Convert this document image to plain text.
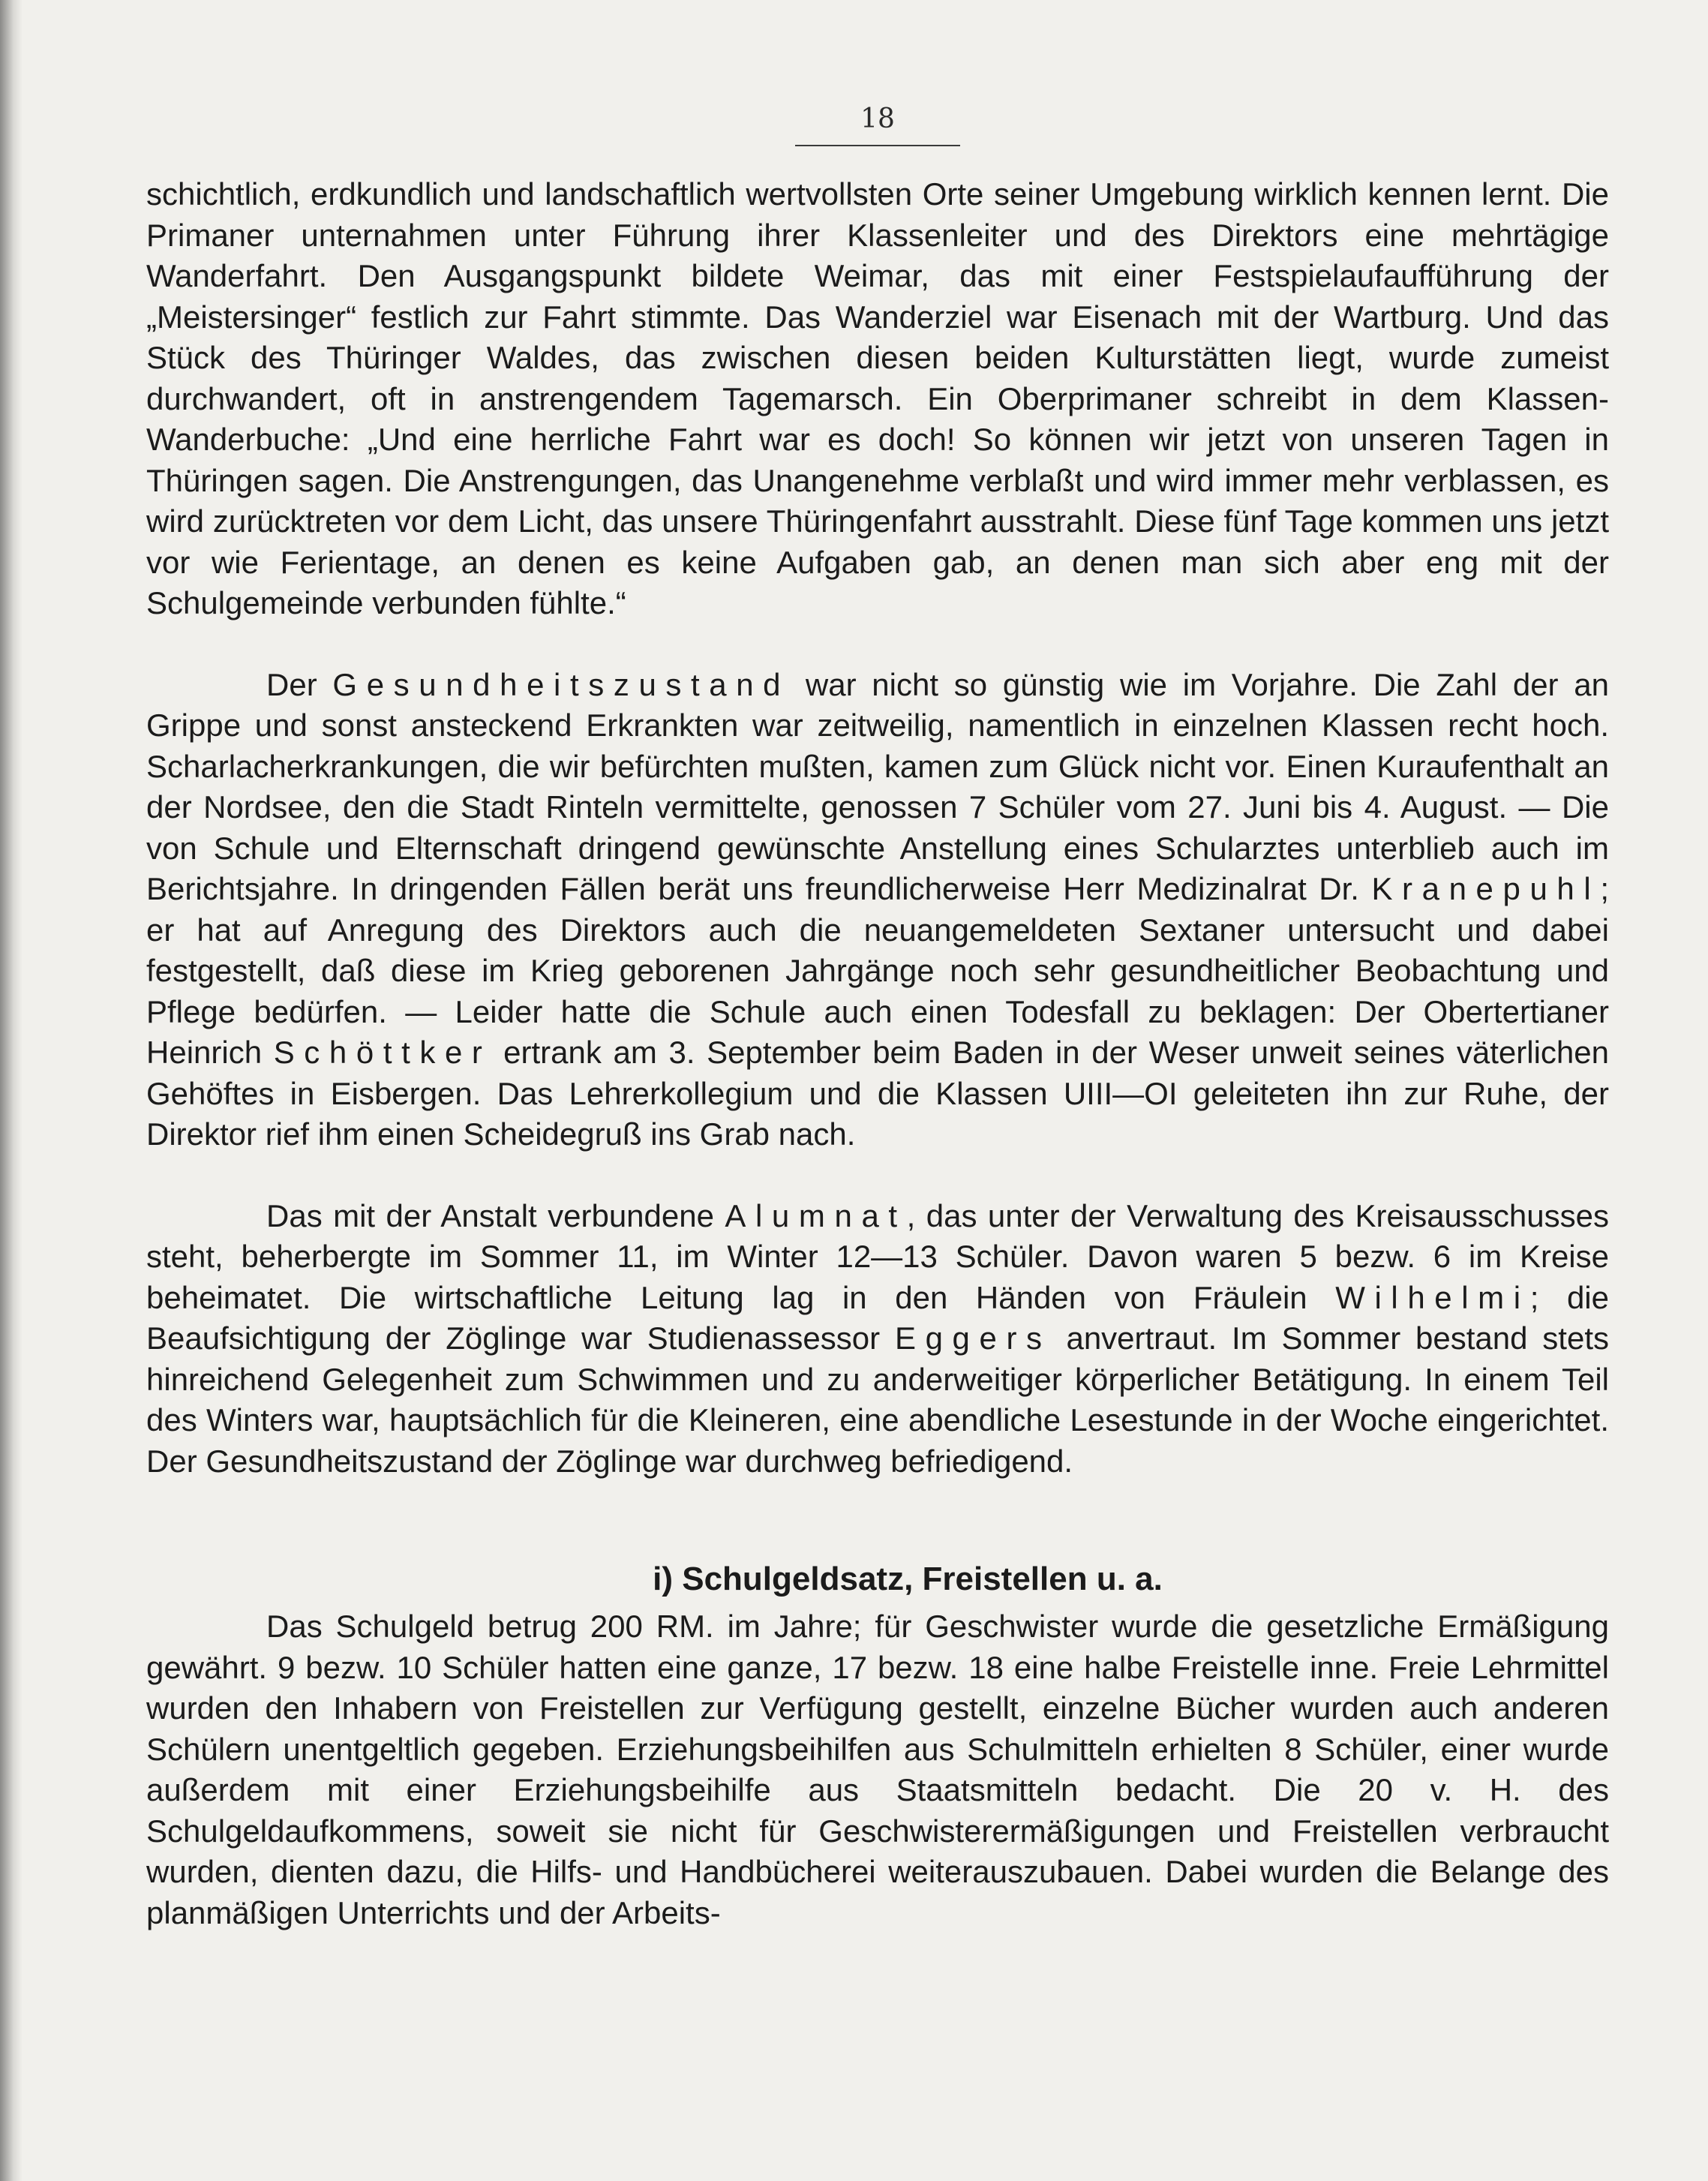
18

schichtlich, erdkundlich und landschaftlich wertvollsten Orte seiner Umgebung wirklich kennen lernt. Die Primaner unternahmen unter Führung ihrer Klassenleiter und des Direktors eine mehrtägige Wanderfahrt. Den Ausgangspunkt bildete Weimar, das mit einer Festspielaufaufführung der „Meistersinger“ festlich zur Fahrt stimmte. Das Wanderziel war Eisenach mit der Wartburg. Und das Stück des Thüringer Waldes, das zwischen diesen beiden Kulturstätten liegt, wurde zumeist durchwandert, oft in anstrengendem Tagemarsch. Ein Oberprimaner schreibt in dem Klassen-Wanderbuche: „Und eine herrliche Fahrt war es doch! So können wir jetzt von unseren Tagen in Thüringen sagen. Die Anstrengungen, das Unangenehme verblaßt und wird immer mehr verblassen, es wird zurücktreten vor dem Licht, das unsere Thüringenfahrt ausstrahlt. Diese fünf Tage kommen uns jetzt vor wie Ferientage, an denen es keine Aufgaben gab, an denen man sich aber eng mit der Schulgemeinde verbunden fühlte.“

Der Gesundheitszustand war nicht so günstig wie im Vorjahre. Die Zahl der an Grippe und sonst ansteckend Erkrankten war zeitweilig, namentlich in einzelnen Klassen recht hoch. Scharlacherkrankungen, die wir befürchten mußten, kamen zum Glück nicht vor. Einen Kuraufenthalt an der Nordsee, den die Stadt Rinteln vermittelte, genossen 7 Schüler vom 27. Juni bis 4. August. — Die von Schule und Elternschaft dringend gewünschte Anstellung eines Schularztes unterblieb auch im Berichtsjahre. In dringenden Fällen berät uns freundlicherweise Herr Medizinalrat Dr. Kranepuhl; er hat auf Anregung des Direktors auch die neuangemeldeten Sextaner untersucht und dabei festgestellt, daß diese im Krieg geborenen Jahrgänge noch sehr gesundheitlicher Beobachtung und Pflege bedürfen. — Leider hatte die Schule auch einen Todesfall zu beklagen: Der Obertertianer Heinrich Schöttker ertrank am 3. September beim Baden in der Weser unweit seines väterlichen Gehöftes in Eisbergen. Das Lehrerkollegium und die Klassen UIII—OI geleiteten ihn zur Ruhe, der Direktor rief ihm einen Scheidegruß ins Grab nach.

Das mit der Anstalt verbundene Alumnat, das unter der Verwaltung des Kreisausschusses steht, beherbergte im Sommer 11, im Winter 12—13 Schüler. Davon waren 5 bezw. 6 im Kreise beheimatet. Die wirtschaftliche Leitung lag in den Händen von Fräulein Wilhelmi; die Beaufsichtigung der Zöglinge war Studienassessor Eggers anvertraut. Im Sommer bestand stets hinreichend Gelegenheit zum Schwimmen und zu anderweitiger körperlicher Betätigung. In einem Teil des Winters war, hauptsächlich für die Kleineren, eine abendliche Lesestunde in der Woche eingerichtet. Der Gesundheitszustand der Zöglinge war durchweg befriedigend.

i) Schulgeldsatz, Freistellen u. a.

Das Schulgeld betrug 200 RM. im Jahre; für Geschwister wurde die gesetzliche Ermäßigung gewährt. 9 bezw. 10 Schüler hatten eine ganze, 17 bezw. 18 eine halbe Freistelle inne. Freie Lehrmittel wurden den Inhabern von Freistellen zur Verfügung gestellt, einzelne Bücher wurden auch anderen Schülern unentgeltlich gegeben. Erziehungsbeihilfen aus Schulmitteln erhielten 8 Schüler, einer wurde außerdem mit einer Erziehungsbeihilfe aus Staatsmitteln bedacht. Die 20 v. H. des Schulgeldaufkommens, soweit sie nicht für Geschwisterermäßigungen und Freistellen verbraucht wurden, dienten dazu, die Hilfs- und Handbücherei weiterauszubauen. Dabei wurden die Belange des planmäßigen Unterrichts und der Arbeits-
